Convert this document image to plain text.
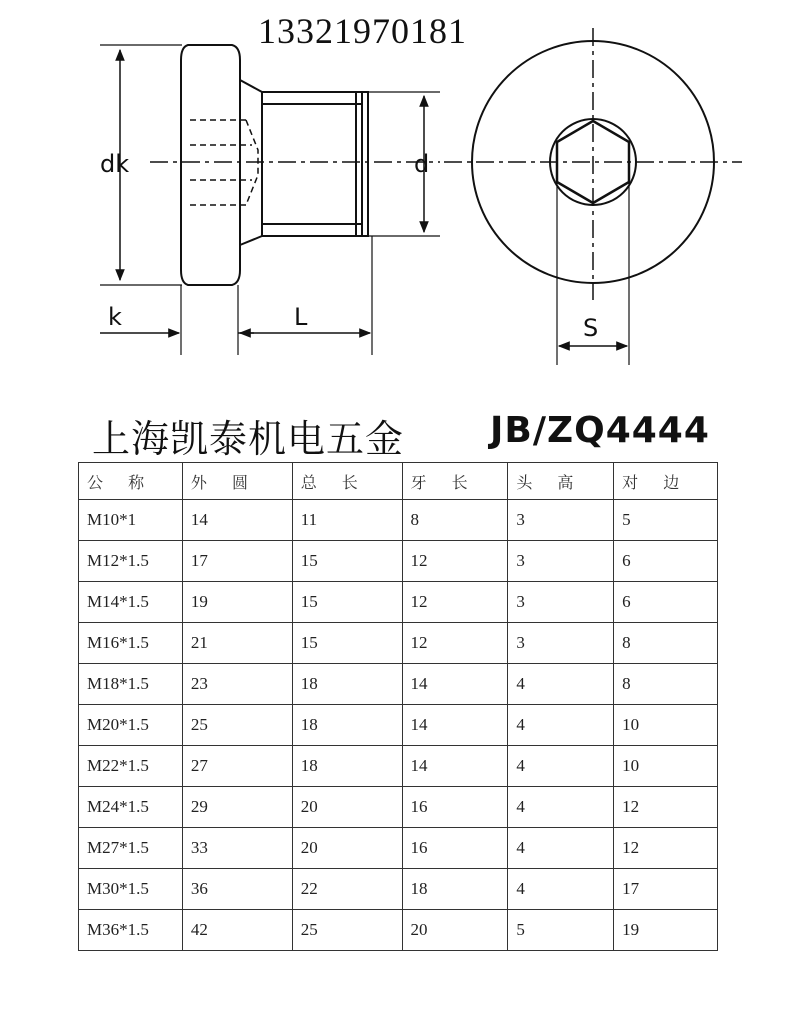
13321970181
dk	d
k	L	S
上海凯泰机电五金 JB/ZQ4444
公 称	外 圆	总 长	牙 长	头 高	对 边
M10*1	14	11	8	3	5
M12*1.5	17	15	12	3	6
M14*1.5	19	15	12	3	6
M16*1.5	21	15	12	3	8
M18*1.5	23	18	14	4	8
M20*1.5	25	18	14	4	10
M22*1.5	27	18	14	4	10
M24*1.5	29	20	16	4	12
M27*1.5	33	20	16	4	12
M30*1.5	36	22	18	4	17
M36*1.5	42	25	20	5	19
